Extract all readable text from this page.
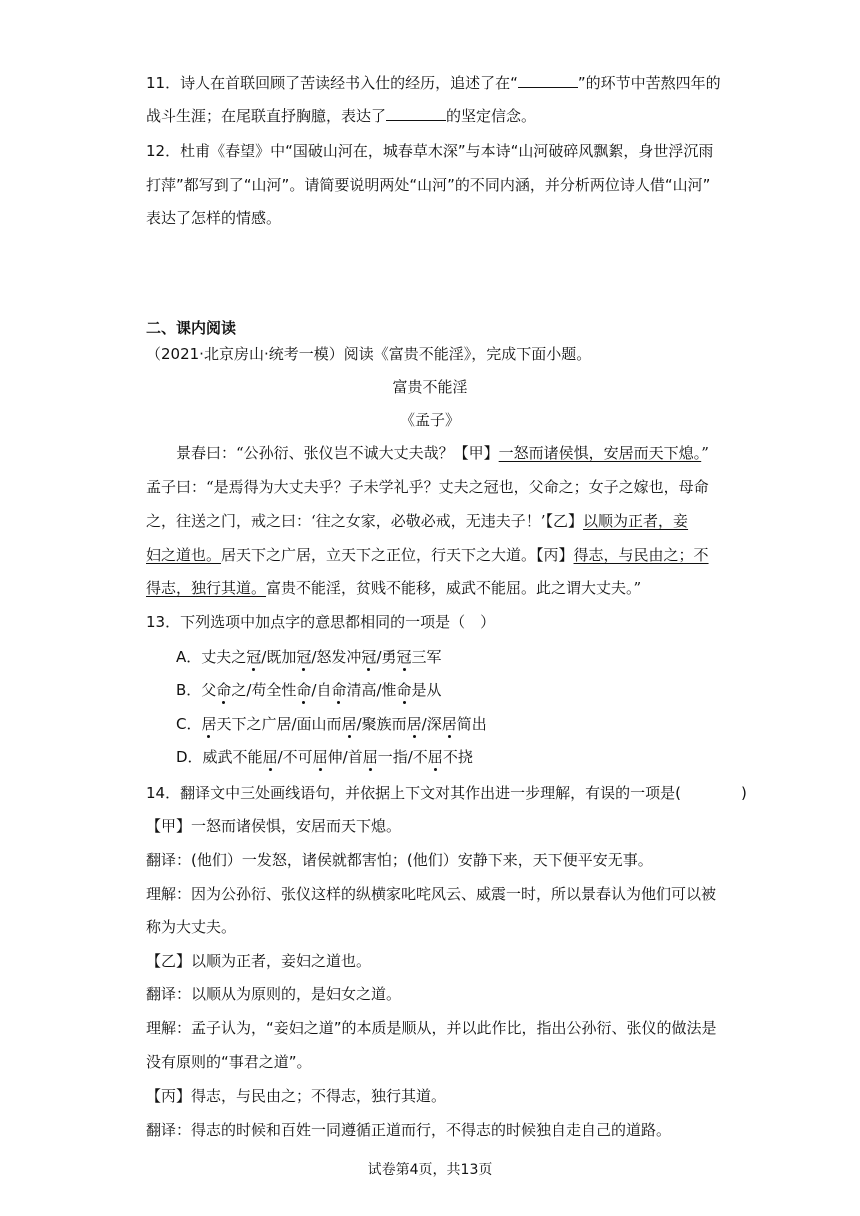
11．诗人在首联回顾了苦读经书入仕的经历，追述了在“	”的环节中苦熬四年的
战斗生涯；在尾联直抒胸臆，表达了	的坚定信念。
12．杜甫《春望》中“国破山河在，城春草木深”与本诗“山河破碎风飘絮，身世浮沉雨
打萍”都写到了“山河”。请简要说明两处“山河”的不同内涵，并分析两位诗人借“山河”
表达了怎样的情感。
二、课内阅读
（2021·北京房山·统考一模）阅读《富贵不能淫》，完成下面小题。
富贵不能淫
《孟子》
景春曰：“公孙衍、张仪岂不诚大丈夫哉？【甲】一怒而诸侯惧，安居而天下熄。”
孟子曰：“是焉得为大丈夫乎？子未学礼乎？丈夫之冠也，父命之；女子之嫁也，母命
之，往送之门，戒之曰：‘往之女家，必敬必戒，无违夫子！’【乙】以顺为正者，妾
妇之道也。居天下之广居，立天下之正位，行天下之大道。【丙】得志，与民由之；不
得志，独行其道。富贵不能淫，贫贱不能移，威武不能屈。此之谓大丈夫。”
13．下列选项中加点字的意思都相同的一项是（　）
A．丈夫之冠/既加冠/怒发冲冠/勇冠三军
B．父命之/苟全性命/自命清高/惟命是从
C．居天下之广居/面山而居/聚族而居/深居简出
D．威武不能屈/不可屈伸/首屈一指/不屈不挠
14．翻译文中三处画线语句，并依据上下文对其作出进一步理解，有误的一项是(　　　　)
【甲】一怒而诸侯惧，安居而天下熄。
翻译：(他们）一发怒，诸侯就都害怕；(他们）安静下来，天下便平安无事。
理解：因为公孙衍、张仪这样的纵横家叱咤风云、威震一时，所以景春认为他们可以被
称为大丈夫。
【乙】以顺为正者，妾妇之道也。
翻译：以顺从为原则的，是妇女之道。
理解：孟子认为，“妾妇之道”的本质是顺从，并以此作比，指出公孙衍、张仪的做法是
没有原则的“事君之道”。
【丙】得志，与民由之；不得志，独行其道。
翻译：得志的时候和百姓一同遵循正道而行，不得志的时候独自走自己的道路。
试卷第4页，共13页
